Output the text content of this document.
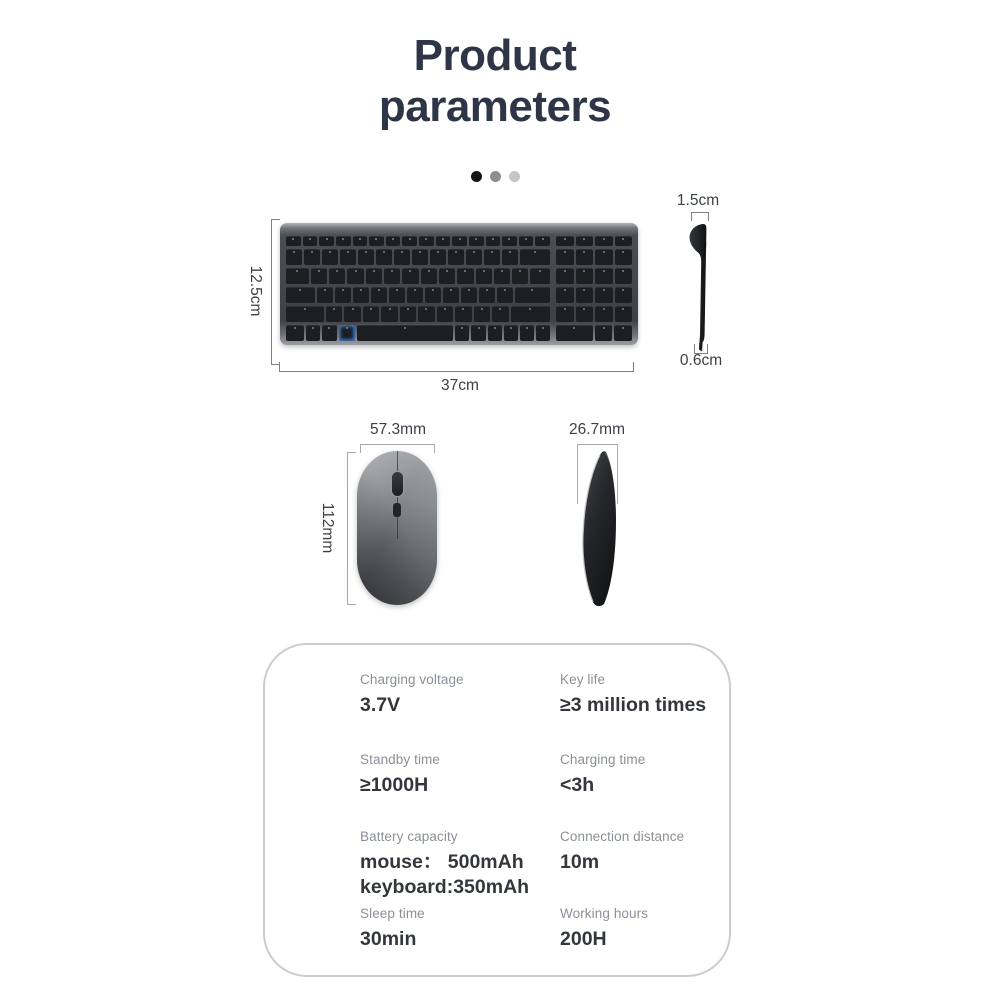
Product
parameters
12.5cm
37cm
1.5cm
0.6cm
57.3mm
112mm
26.7mm
Charging voltage
3.7V
Key life
≥3 million times
Standby time
≥1000H
Charging time
<3h
Battery capacity
mouse： 500mAh
keyboard:350mAh
Connection distance
10m
Sleep time
30min
Working hours
200H
